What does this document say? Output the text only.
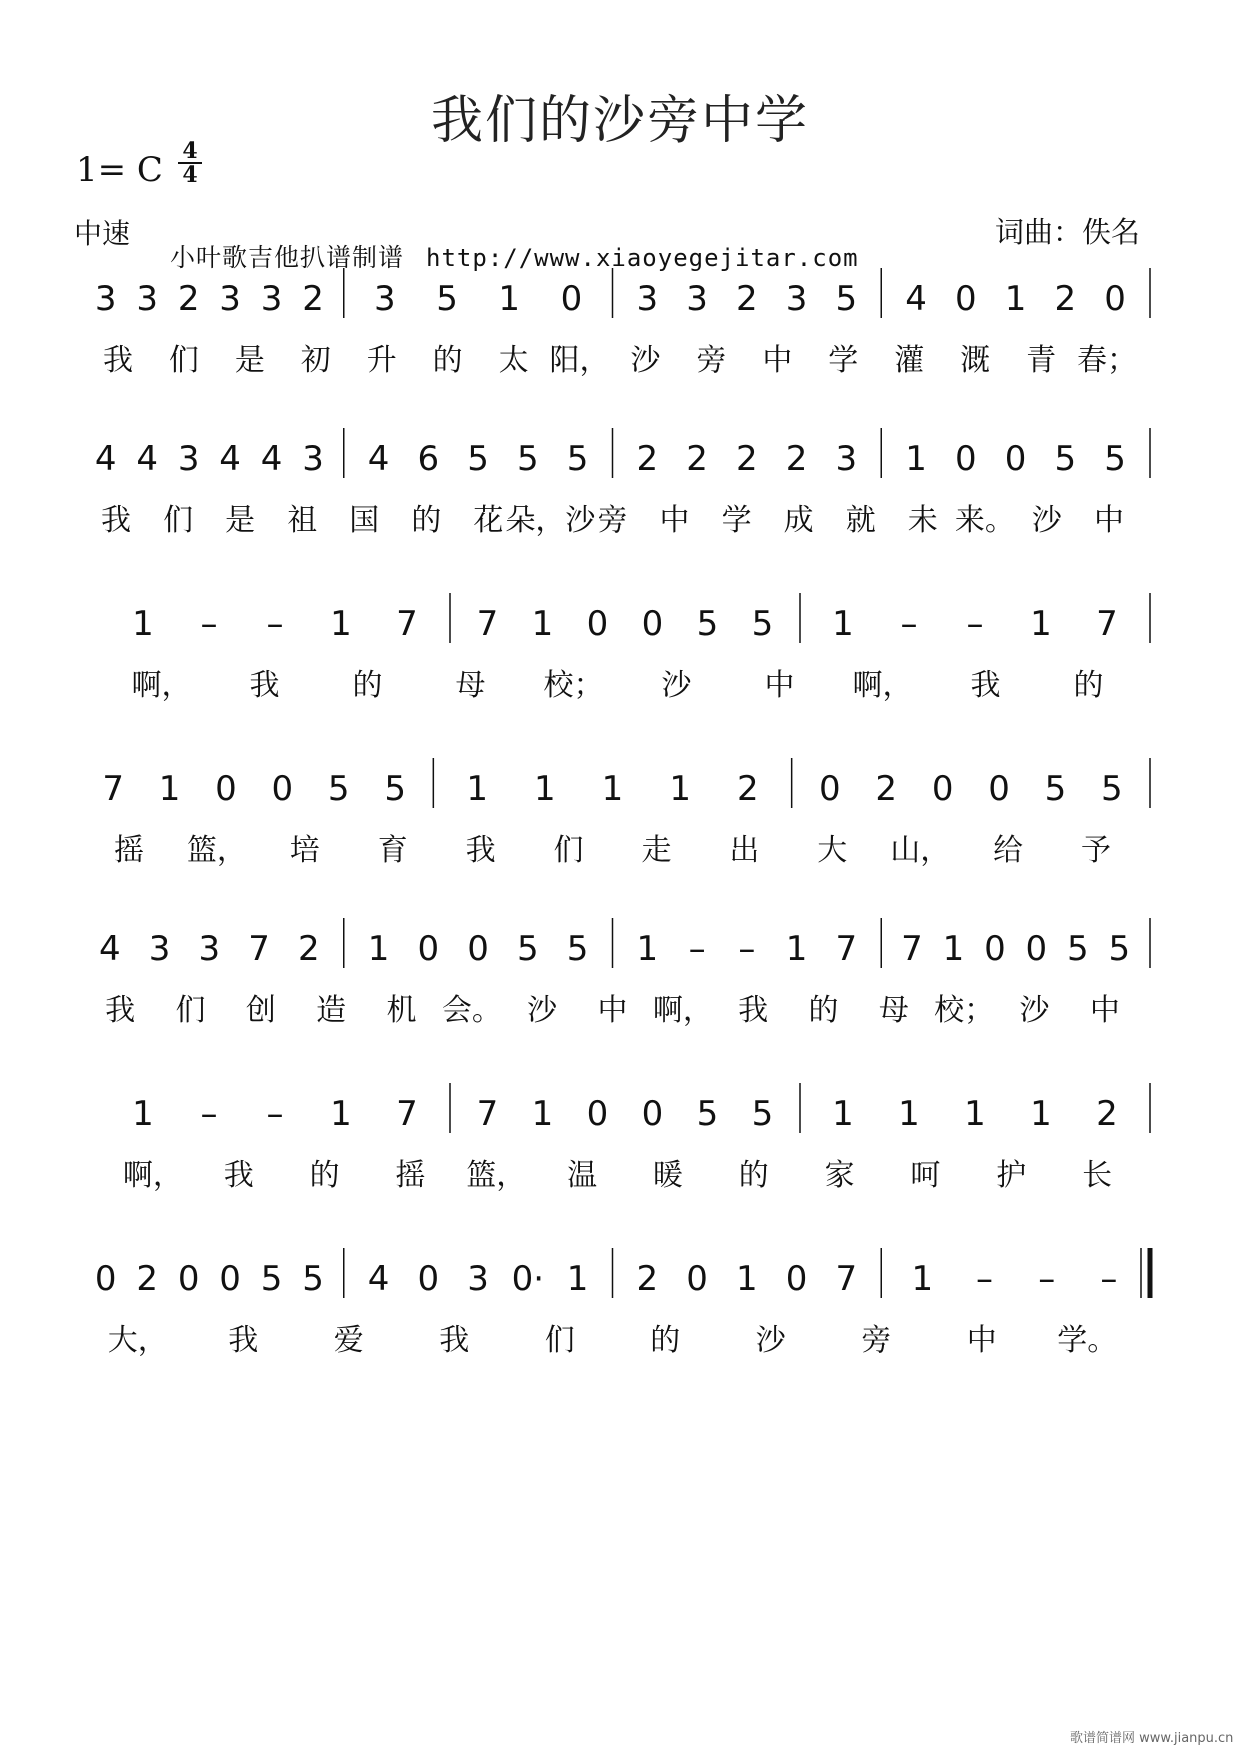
我们的沙旁中学
1= C 4
4
中速
小叶歌吉他扒谱制谱 http://www.xiaoyegejitar.com
词曲：佚名
3 3 2 3 3 2 3 5 1 0 3 3 2 3 5 4 0 1 2 0
我 们 是 初 升 的 太 阳， 沙 旁 中 学 灌 溉 青 春；
4 4 3 4 4 3 4 6 5 5 5 2 2 2 2 3 1 0 0 5 5
我 们 是 祖 国 的 花 朵，沙 旁 中 学 成 就 未 来。 沙 中
1 – – 1 7 7 1 0 0 5 5 1 – – 1 7
啊， 我 的 母 校； 沙 中 啊， 我 的
7 1 0 0 5 5 1 1 1 1 2 0 2 0 0 5 5
摇 篮， 培 育 我 们 走 出 大 山， 给 予
4 3 3 7 2 1 0 0 5 5 1 – – 1 7 7 1 0 0 5 5
我 们 创 造 机 会。 沙 中 啊， 我 的 母 校； 沙 中
1 – – 1 7 7 1 0 0 5 5 1 1 1 1 2
啊， 我 的 摇 篮， 温 暖 的 家 呵 护 长
0 2 0 0 5 5 4 0 3 0· 1 2 0 1 0 7 1 – – –
大， 我	爱	我	们	的	沙	旁	中 学。
歌谱简谱网 www.jianpu.cn
